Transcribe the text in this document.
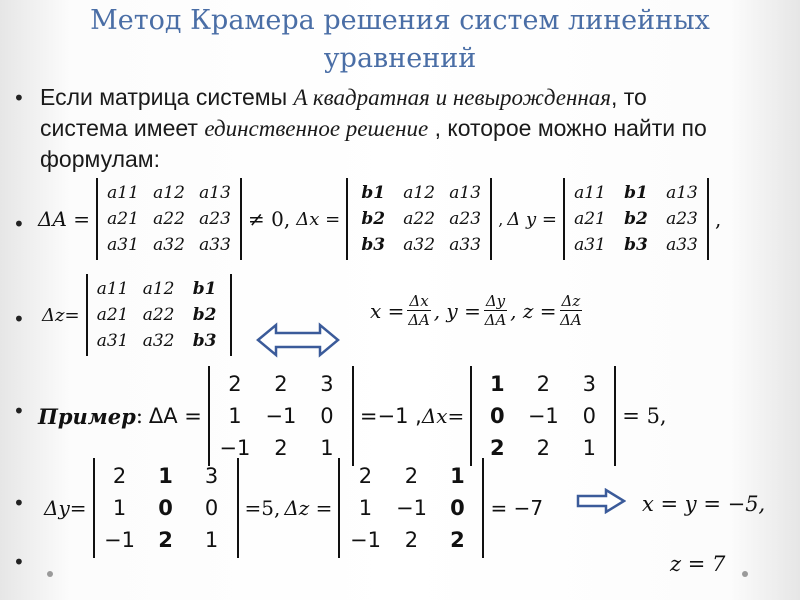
Метод Крамера решения систем линейных
уравнений
• Если матрица системы A квадратная и невырожденная, то
система имеет единственное решение , которое можно найти по
формулам:
• ΔA =
a11 a12 a13
a21 a22 a23
a31 a32 a33
≠ 0, Δx =
b1	a12 a13
b2	a22 a23
b3	a32 a33
, Δ y =
a11	b1	a13
a21	b2	a23
a31	b3	a33
,
• Δz=
a11 a12	b1
a21 a22	b2
a31 a32	b3
$x = \frac{\Delta x}{\Delta A}$ , $y = \frac{\Delta y}{\Delta A}$ , $z = \frac{\Delta z}{\Delta A}$
• Пример : ΔA =
2	2	3
1	−1	0
−1	2	1
=−1 , Δx=
1	2	3
0	−1	0
2	2	1
= 5,
• Δy=
2	1	3
1	0	0
−1	2	1
=5, Δz =
2	2	1
1	−1	0
−1	2	2
= −7	x = y = −5,
•	z = 7
